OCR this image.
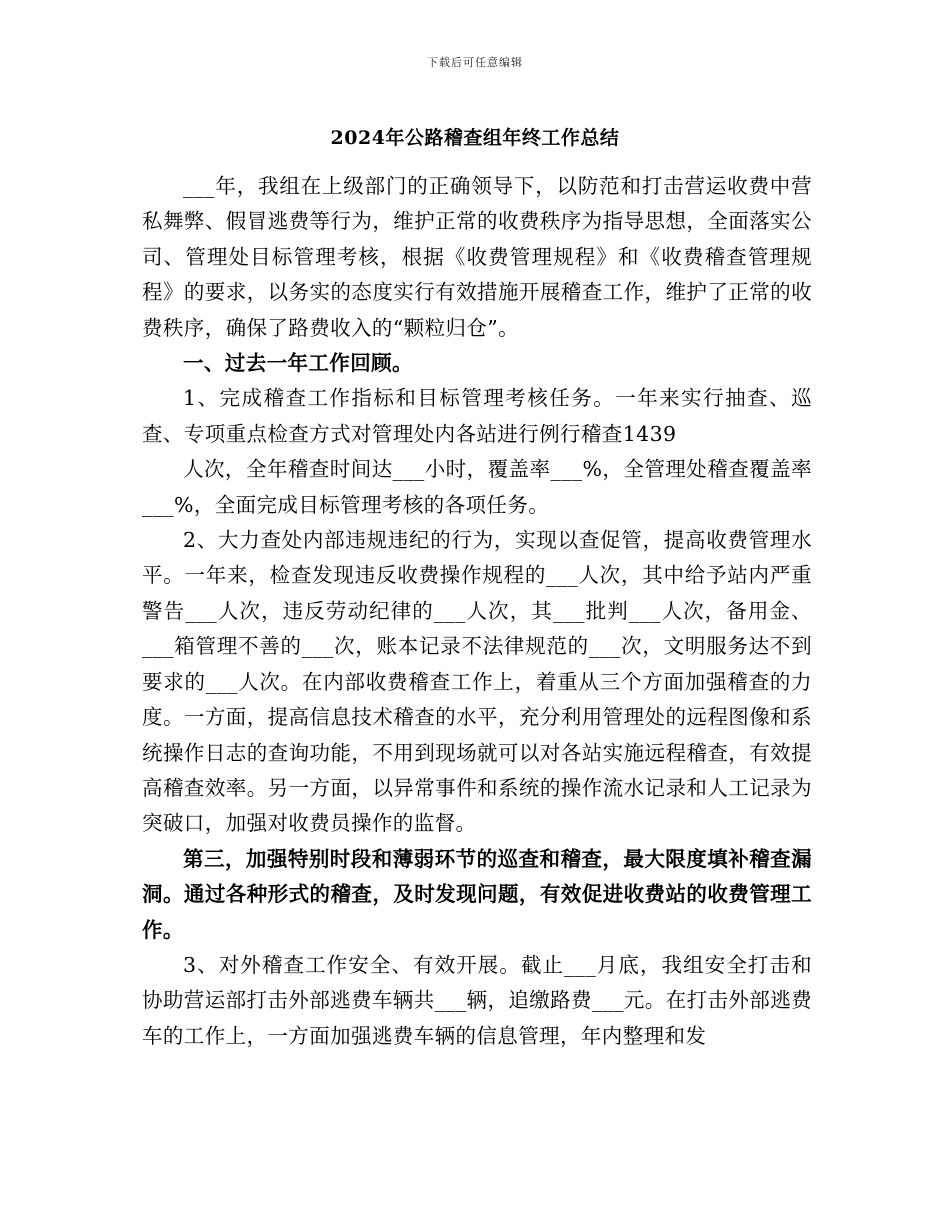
下载后可任意编辑
2024年公路稽查组年终工作总结

___年，我组在上级部门的正确领导下，以防范和打击营运收费中营私舞弊、假冒逃费等行为，维护正常的收费秩序为指导思想，全面落实公司、管理处目标管理考核，根据《收费管理规程》和《收费稽查管理规程》的要求，以务实的态度实行有效措施开展稽查工作，维护了正常的收费秩序，确保了路费收入的“颗粒归仓”。

一、过去一年工作回顾。

1、完成稽查工作指标和目标管理考核任务。一年来实行抽查、巡查、专项重点检查方式对管理处内各站进行例行稽查1439

人次，全年稽查时间达___小时，覆盖率___%，全管理处稽查覆盖率___%，全面完成目标管理考核的各项任务。

2、大力查处内部违规违纪的行为，实现以查促管，提高收费管理水平。一年来，检查发现违反收费操作规程的___人次，其中给予站内严重警告___人次，违反劳动纪律的___人次，其___批判___人次，备用金、___箱管理不善的___次，账本记录不法律规范的___次，文明服务达不到要求的___人次。在内部收费稽查工作上，着重从三个方面加强稽查的力度。一方面，提高信息技术稽查的水平，充分利用管理处的远程图像和系统操作日志的查询功能，不用到现场就可以对各站实施远程稽查，有效提高稽查效率。另一方面，以异常事件和系统的操作流水记录和人工记录为突破口，加强对收费员操作的监督。

第三，加强特别时段和薄弱环节的巡查和稽查，最大限度填补稽查漏洞。通过各种形式的稽查，及时发现问题，有效促进收费站的收费管理工作。

3、对外稽查工作安全、有效开展。截止___月底，我组安全打击和协助营运部打击外部逃费车辆共___辆，追缴路费___元。在打击外部逃费车的工作上，一方面加强逃费车辆的信息管理，年内整理和发
